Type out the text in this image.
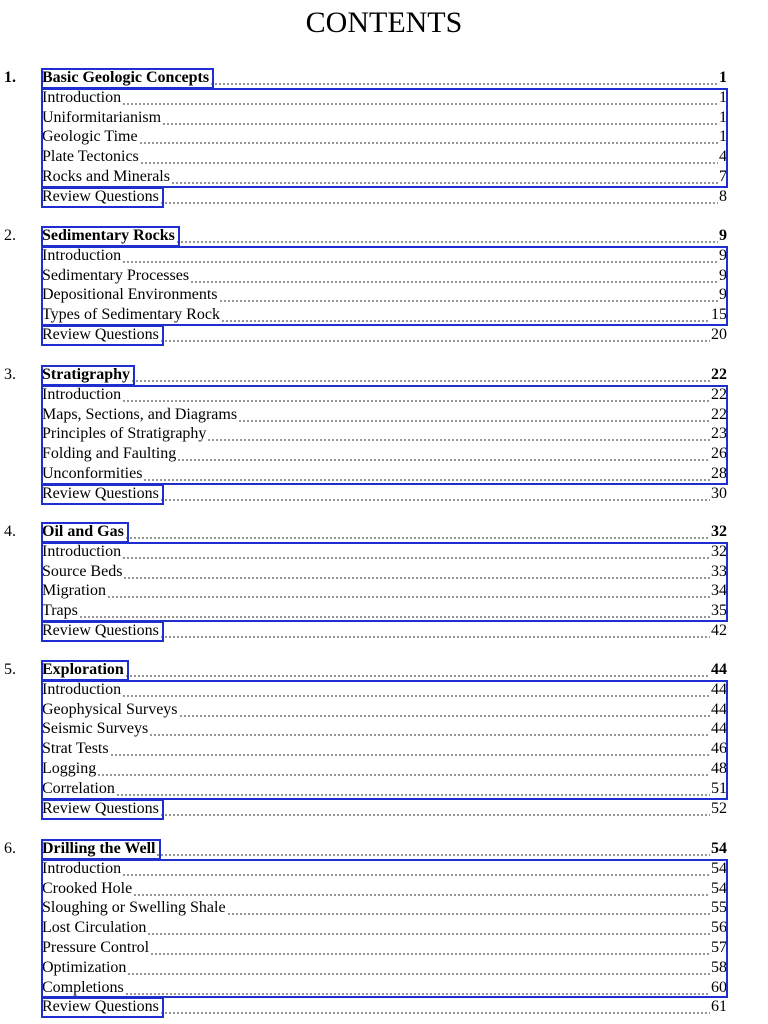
CONTENTS
1.	Basic Geologic Concepts	1
Introduction	1
Uniformitarianism	1
Geologic Time	1
Plate Tectonics	4
Rocks and Minerals	7
Review Questions	8
2.	Sedimentary Rocks	9
Introduction	9
Sedimentary Processes	9
Depositional Environments	9
Types of Sedimentary Rock	15
Review Questions	20
3.	Stratigraphy	22
Introduction	22
Maps, Sections, and Diagrams	22
Principles of Stratigraphy	23
Folding and Faulting	26
Unconformities	28
Review Questions	30
4.	Oil and Gas	32
Introduction	32
Source Beds	33
Migration	34
Traps	35
Review Questions	42
5.	Exploration	44
Introduction	44
Geophysical Surveys	44
Seismic Surveys	44
Strat Tests	46
Logging	48
Correlation	51
Review Questions	52
6.	Drilling the Well	54
Introduction	54
Crooked Hole	54
Sloughing or Swelling Shale	55
Lost Circulation	56
Pressure Control	57
Optimization	58
Completions	60
Review Questions	61
